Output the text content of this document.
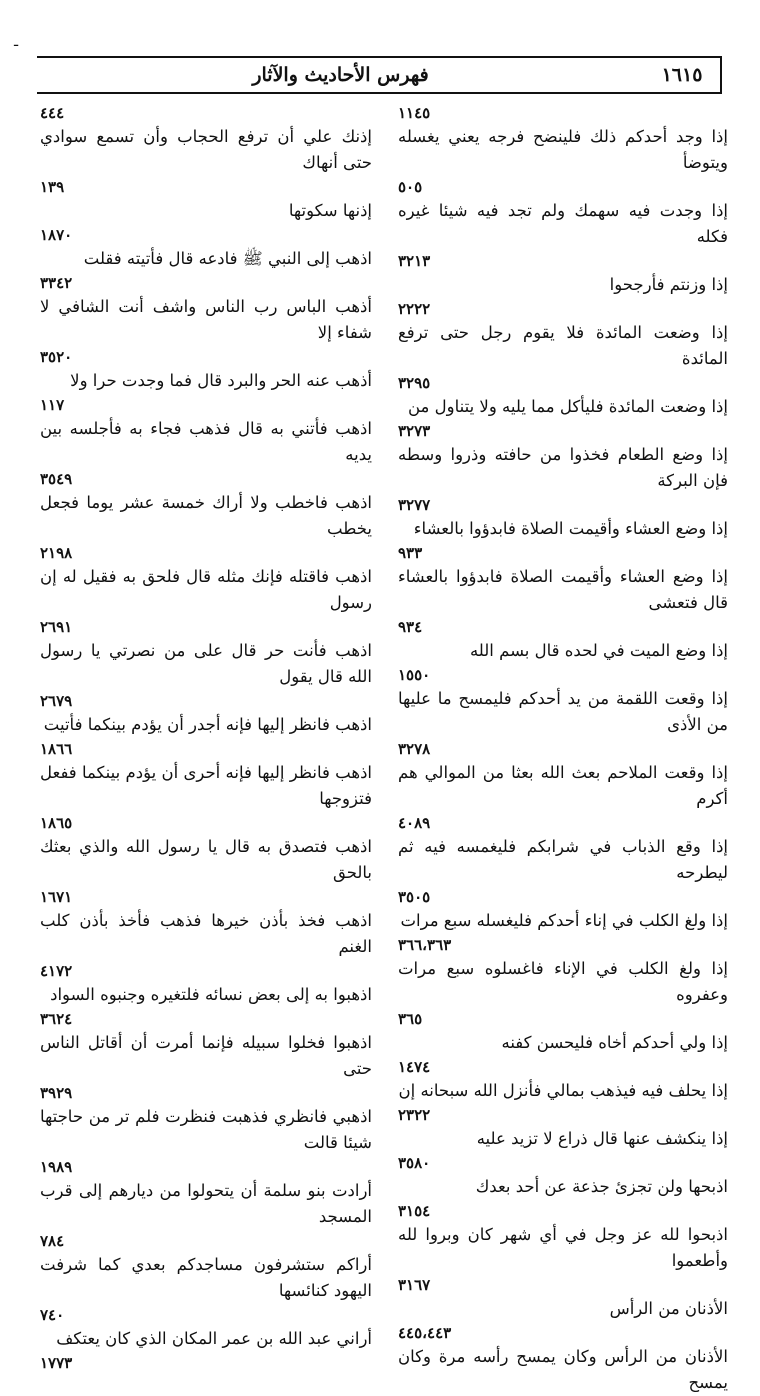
ـ
فهرس الأحاديث والآثار	١٦١٥
١١٤٥
إذا وجد أحدكم ذلك فلينضح فرجه يعني يغسله ويتوضأ
٥٠٥
إذا وجدت فيه سهمك ولم تجد فيه شيئا غيره فكله
٣٢١٣
إذا وزنتم فأرجحوا
٢٢٢٢
إذا وضعت المائدة فلا يقوم رجل حتى ترفع المائدة
٣٢٩٥
إذا وضعت المائدة فليأكل مما يليه ولا يتناول من
٣٢٧٣
إذا وضع الطعام فخذوا من حافته وذروا وسطه فإن البركة
٣٢٧٧
إذا وضع العشاء وأقيمت الصلاة فابدؤوا بالعشاء
٩٣٣
إذا وضع العشاء وأقيمت الصلاة فابدؤوا بالعشاء قال فتعشى
٩٣٤
إذا وضع الميت في لحده قال بسم الله
١٥٥٠
إذا وقعت اللقمة من يد أحدكم فليمسح ما عليها من الأذى
٣٢٧٨
إذا وقعت الملاحم بعث الله بعثا من الموالي هم أكرم
٤٠٨٩
إذا وقع الذباب في شرابكم فليغمسه فيه ثم ليطرحه
٣٥٠٥
إذا ولغ الكلب في إناء أحدكم فليغسله سبع مرات
٣٦٦،٣٦٣
إذا ولغ الكلب في الإناء فاغسلوه سبع مرات وعفروه
٣٦٥
إذا ولي أحدكم أخاه فليحسن كفنه
١٤٧٤
إذا يحلف فيه فيذهب بمالي فأنزل الله سبحانه إن
٢٣٢٢
إذا ينكشف عنها قال ذراع لا تزيد عليه
٣٥٨٠
اذبحها ولن تجزئ جذعة عن أحد بعدك
٣١٥٤
اذبحوا لله عز وجل في أي شهر كان وبروا لله وأطعموا
٣١٦٧
الأذنان من الرأس
٤٤٥،٤٤٣
الأذنان من الرأس وكان يمسح رأسه مرة وكان يمسح
٤٤٤
إذنك علي أن ترفع الحجاب وأن تسمع سوادي حتى أنهاك
١٣٩
إذنها سكوتها
١٨٧٠
اذهب إلى النبي ﷺ فادعه قال فأتيته فقلت
٣٣٤٢
أذهب الباس رب الناس واشف أنت الشافي لا شفاء إلا
٣٥٢٠
أذهب عنه الحر والبرد قال فما وجدت حرا ولا
١١٧
اذهب فأتني به قال فذهب فجاء به فأجلسه بين يديه
٣٥٤٩
اذهب فاخطب ولا أراك خمسة عشر يوما فجعل يخطب
٢١٩٨
اذهب فاقتله فإنك مثله قال فلحق به فقيل له إن رسول
٢٦٩١
اذهب فأنت حر قال على من نصرتي يا رسول الله قال يقول
٢٦٧٩
اذهب فانظر إليها فإنه أجدر أن يؤدم بينكما فأتيت
١٨٦٦
اذهب فانظر إليها فإنه أحرى أن يؤدم بينكما ففعل فتزوجها
١٨٦٥
اذهب فتصدق به قال يا رسول الله والذي بعثك بالحق
١٦٧١
اذهب فخذ بأذن خيرها فذهب فأخذ بأذن كلب الغنم
٤١٧٢
اذهبوا به إلى بعض نسائه فلتغيره وجنبوه السواد
٣٦٢٤
اذهبوا فخلوا سبيله فإنما أمرت أن أقاتل الناس حتى
٣٩٢٩
اذهبي فانظري فذهبت فنظرت فلم تر من حاجتها شيئا قالت
١٩٨٩
أرادت بنو سلمة أن يتحولوا من ديارهم إلى قرب المسجد
٧٨٤
أراكم ستشرفون مساجدكم بعدي كما شرفت اليهود كنائسها
٧٤٠
أراني عبد الله بن عمر المكان الذي كان يعتكف
١٧٧٣
